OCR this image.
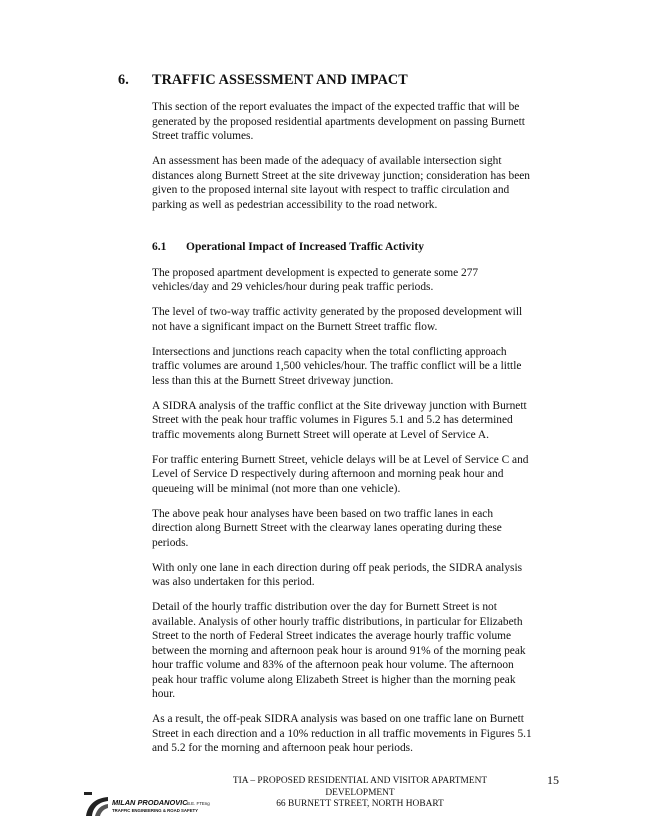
6. TRAFFIC ASSESSMENT AND IMPACT

This section of the report evaluates the impact of the expected traffic that will be generated by the proposed residential apartments development on passing Burnett Street traffic volumes.

An assessment has been made of the adequacy of available intersection sight distances along Burnett Street at the site driveway junction; consideration has been given to the proposed internal site layout with respect to traffic circulation and parking as well as pedestrian accessibility to the road network.

6.1 Operational Impact of Increased Traffic Activity

The proposed apartment development is expected to generate some 277 vehicles/day and 29 vehicles/hour during peak traffic periods.

The level of two-way traffic activity generated by the proposed development will not have a significant impact on the Burnett Street traffic flow.

Intersections and junctions reach capacity when the total conflicting approach traffic volumes are around 1,500 vehicles/hour. The traffic conflict will be a little less than this at the Burnett Street driveway junction.

A SIDRA analysis of the traffic conflict at the Site driveway junction with Burnett Street with the peak hour traffic volumes in Figures 5.1 and 5.2 has determined traffic movements along Burnett Street will operate at Level of Service A.

For traffic entering Burnett Street, vehicle delays will be at Level of Service C and Level of Service D respectively during afternoon and morning peak hour and queueing will be minimal (not more than one vehicle).

The above peak hour analyses have been based on two traffic lanes in each direction along Burnett Street with the clearway lanes operating during these periods.

With only one lane in each direction during off peak periods, the SIDRA analysis was also undertaken for this period.

Detail of the hourly traffic distribution over the day for Burnett Street is not available. Analysis of other hourly traffic distributions, in particular for Elizabeth Street to the north of Federal Street indicates the average hourly traffic volume between the morning and afternoon peak hour is around 91% of the morning peak hour traffic volume and 83% of the afternoon peak hour volume. The afternoon peak hour traffic volume along Elizabeth Street is higher than the morning peak hour.

As a result, the off-peak SIDRA analysis was based on one traffic lane on Burnett Street in each direction and a 10% reduction in all traffic movements in Figures 5.1 and 5.2 for the morning and afternoon peak hour periods.

TIA – PROPOSED RESIDENTIAL AND VISITOR APARTMENT
DEVELOPMENT
66 BURNETT STREET, NORTH HOBART
15
MILAN PRODANOVIC B.E. FTEng
TRAFFIC ENGINEERING & ROAD SAFETY
